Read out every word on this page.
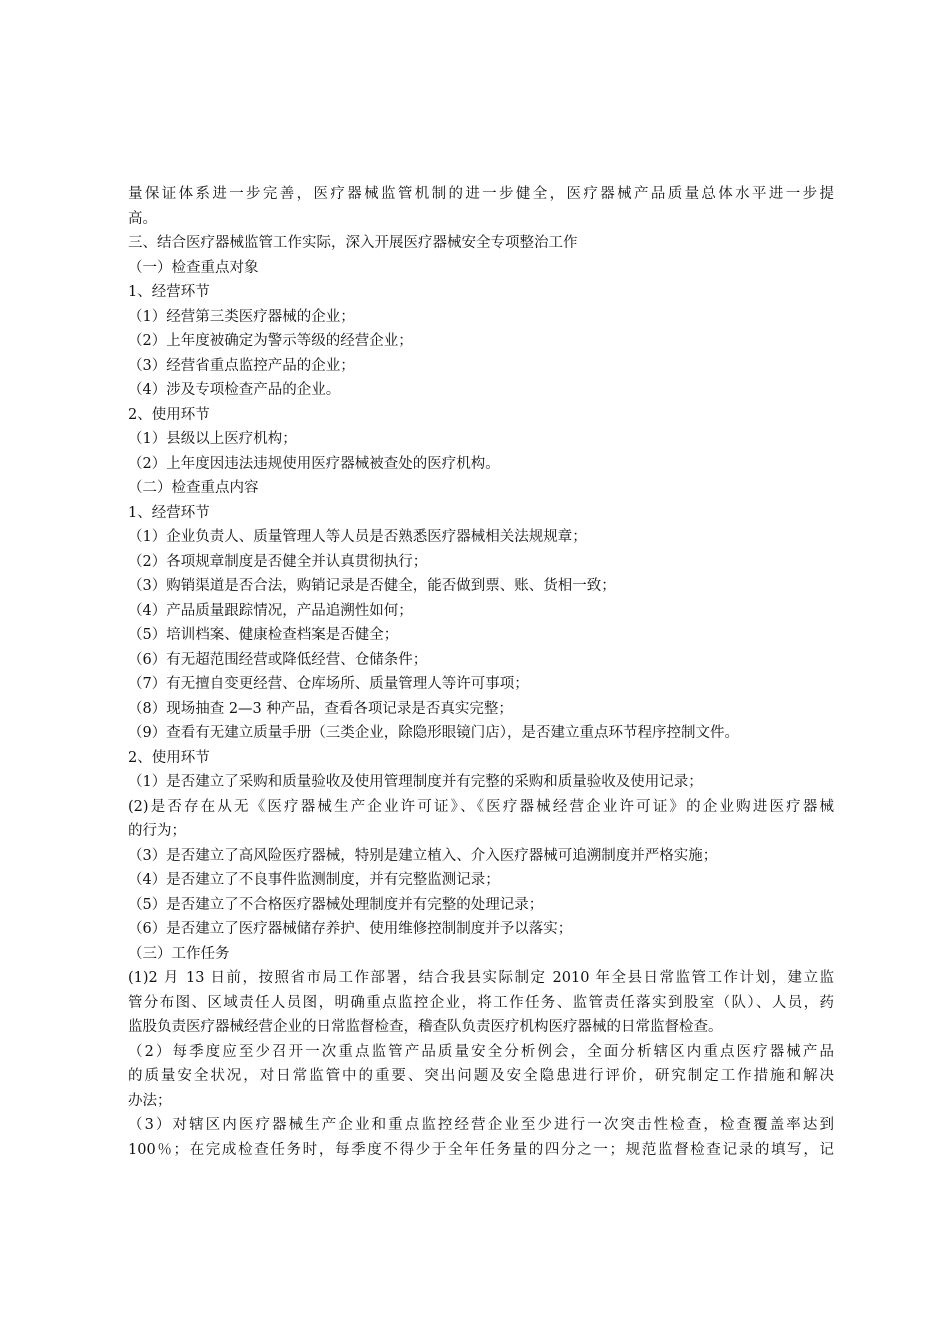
量保证体系进一步完善，医疗器械监管机制的进一步健全，医疗器械产品质量总体水平进一步提
高。
三、结合医疗器械监管工作实际，深入开展医疗器械安全专项整治工作
（一）检查重点对象
1、经营环节
（1）经营第三类医疗器械的企业；
（2）上年度被确定为警示等级的经营企业；
（3）经营省重点监控产品的企业；
（4）涉及专项检查产品的企业。
2、使用环节
（1）县级以上医疗机构；
（2）上年度因违法违规使用医疗器械被查处的医疗机构。
（二）检查重点内容
1、经营环节
（1）企业负责人、质量管理人等人员是否熟悉医疗器械相关法规规章；
（2）各项规章制度是否健全并认真贯彻执行；
（3）购销渠道是否合法，购销记录是否健全，能否做到票、账、货相一致；
（4）产品质量跟踪情况，产品追溯性如何；
（5）培训档案、健康检查档案是否健全；
（6）有无超范围经营或降低经营、仓储条件；
（7）有无擅自变更经营、仓库场所、质量管理人等许可事项；
（8）现场抽查 2—3 种产品，查看各项记录是否真实完整；
（9）查看有无建立质量手册（三类企业，除隐形眼镜门店），是否建立重点环节程序控制文件。
2、使用环节
（1）是否建立了采购和质量验收及使用管理制度并有完整的采购和质量验收及使用记录；
(2)是否存在从无《医疗器械生产企业许可证》、《医疗器械经营企业许可证》的企业购进医疗器械
的行为；
（3）是否建立了高风险医疗器械，特别是建立植入、介入医疗器械可追溯制度并严格实施；
（4）是否建立了不良事件监测制度，并有完整监测记录；
（5）是否建立了不合格医疗器械处理制度并有完整的处理记录；
（6）是否建立了医疗器械储存养护、使用维修控制制度并予以落实；
（三）工作任务
(1)2 月 13 日前，按照省市局工作部署，结合我县实际制定 2010 年全县日常监管工作计划，建立监
管分布图、区域责任人员图，明确重点监控企业，将工作任务、监管责任落实到股室（队）、人员，药
监股负责医疗器械经营企业的日常监督检查，稽查队负责医疗机构医疗器械的日常监督检查。
（2）每季度应至少召开一次重点监管产品质量安全分析例会，全面分析辖区内重点医疗器械产品
的质量安全状况，对日常监管中的重要、突出问题及安全隐患进行评价，研究制定工作措施和解决
办法；
（3）对辖区内医疗器械生产企业和重点监控经营企业至少进行一次突击性检查，检查覆盖率达到
100％；在完成检查任务时，每季度不得少于全年任务量的四分之一；规范监督检查记录的填写，记
